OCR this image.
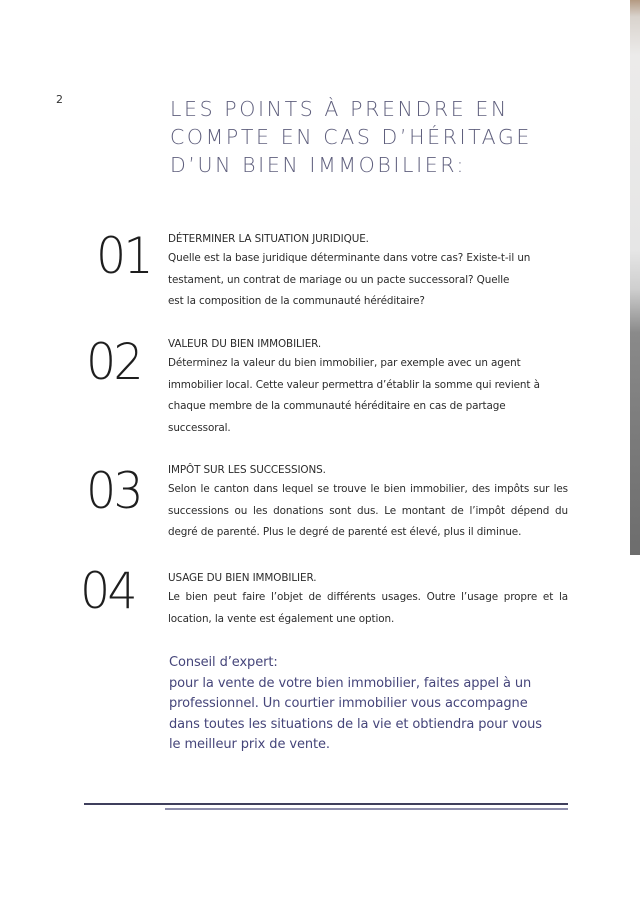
2	LES POINTS À PRENDRE EN
COMPTE EN CAS D’HÉRITAGE
D’UN BIEN IMMOBILIER:
01 DÉTERMINER LA SITUATION JURIDIQUE.
Quelle est la base juridique déterminante dans votre cas? Existe-t-il un
testament, un contrat de mariage ou un pacte successoral? Quelle
est la composition de la communauté héréditaire?
02	VALEUR DU BIEN IMMOBILIER.
Déterminez la valeur du bien immobilier, par exemple avec un agent
immobilier local. Cette valeur permettra d’établir la somme qui revient à
chaque membre de la communauté héréditaire en cas de partage
successoral.
03	IMPÔT SUR LES SUCCESSIONS.
Selon le canton dans lequel se trouve le bien immobilier, des impôts sur les
successions ou les donations sont dus. Le montant de l’impôt dépend du
degré de parenté. Plus le degré de parenté est élevé, plus il diminue.
04	USAGE DU BIEN IMMOBILIER.
Le bien peut faire l’objet de différents usages. Outre l’usage propre et la
location, la vente est également une option.
Conseil d’expert:
pour la vente de votre bien immobilier, faites appel à un
professionnel. Un courtier immobilier vous accompagne
dans toutes les situations de la vie et obtiendra pour vous
le meilleur prix de vente.
